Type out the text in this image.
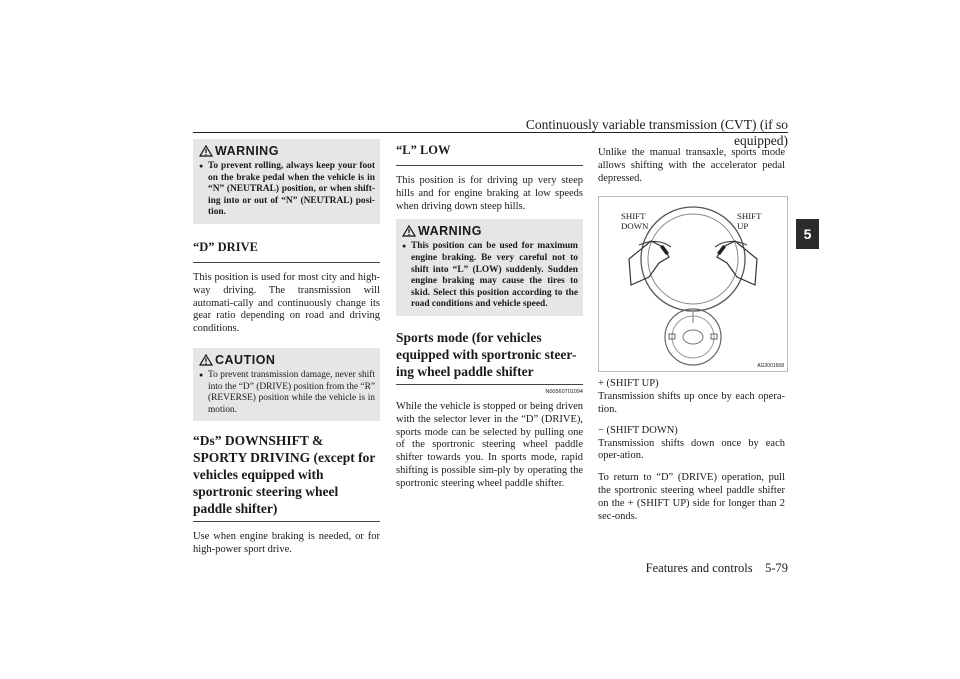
Continuously variable transmission (CVT) (if so equipped)
5
WARNING
● To prevent rolling, always keep your foot on the brake pedal when the vehicle is in “N” (NEUTRAL) position, or when shift-ing into or out of “N” (NEUTRAL) posi-tion.
“D” DRIVE
This position is used for most city and high-way driving. The transmission will automati-cally and continuously change its gear ratio depending on road and driving conditions.
CAUTION
● To prevent transmission damage, never shift into the “D” (DRIVE) position from the “R” (REVERSE) position while the vehicle is in motion.
“Ds” DOWNSHIFT & SPORTY DRIVING (except for vehicles equipped with sportronic steering wheel paddle shifter)
Use when engine braking is needed, or for high-power sport drive.
“L” LOW
This position is for driving up very steep hills and for engine braking at low speeds when driving down steep hills.
WARNING
● This position can be used for maximum engine braking. Be very careful not to shift into “L” (LOW) suddenly. Sudden engine braking may cause the tires to skid. Select this position according to the road conditions and vehicle speed.
Sports mode (for vehicles equipped with sportronic steer-ing wheel paddle shifter
N00560701094
While the vehicle is stopped or being driven with the selector lever in the “D” (DRIVE), sports mode can be selected by pulling one of the sportronic steering wheel paddle shifter towards you. In sports mode, rapid shifting is possible sim-ply by operating the sportronic steering wheel paddle shifter.
Unlike the manual transaxle, sports mode allows shifting with the accelerator pedal depressed.
SHIFT DOWN
SHIFT UP
AG3001668
+ (SHIFT UP)
Transmission shifts up once by each opera-tion.
− (SHIFT DOWN)
Transmission shifts down once by each oper-ation.
To return to “D” (DRIVE) operation, pull the sportronic steering wheel paddle shifter on the + (SHIFT UP) side for longer than 2 sec-onds.
Features and controls 5-79
